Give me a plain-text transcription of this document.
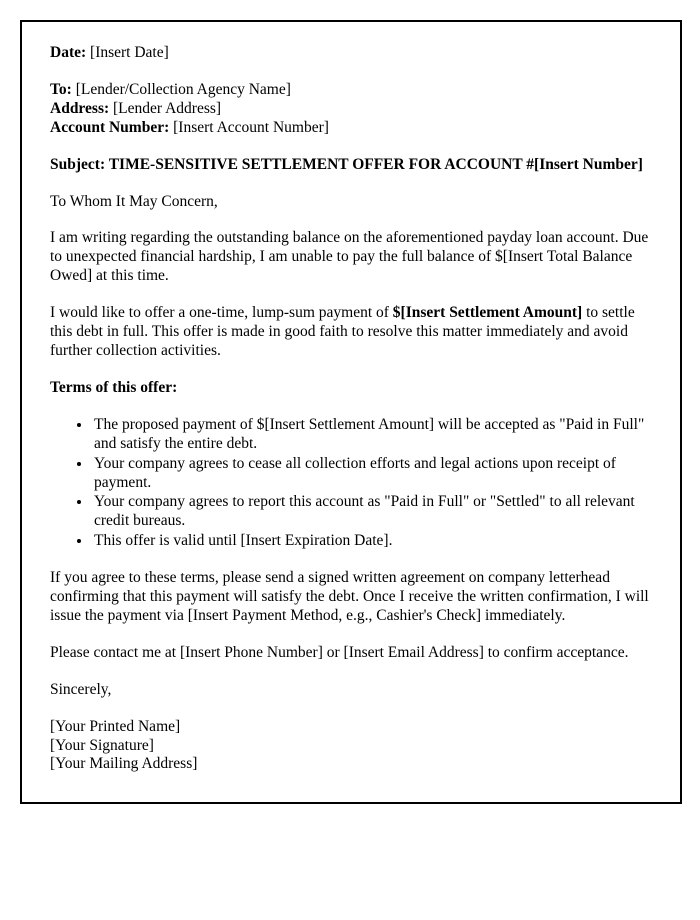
Date: [Insert Date]

To: [Lender/Collection Agency Name]

Address: [Lender Address]

Account Number: [Insert Account Number]

Subject: TIME-SENSITIVE SETTLEMENT OFFER FOR ACCOUNT #[Insert Number]

To Whom It May Concern,

I am writing regarding the outstanding balance on the aforementioned payday loan account. Due to unexpected financial hardship, I am unable to pay the full balance of $[Insert Total Balance Owed] at this time.

I would like to offer a one-time, lump-sum payment of $[Insert Settlement Amount] to settle this debt in full. This offer is made in good faith to resolve this matter immediately and avoid further collection activities.

Terms of this offer:

• The proposed payment of $[Insert Settlement Amount] will be accepted as "Paid in Full" and satisfy the entire debt.
• Your company agrees to cease all collection efforts and legal actions upon receipt of payment.
• Your company agrees to report this account as "Paid in Full" or "Settled" to all relevant credit bureaus.
• This offer is valid until [Insert Expiration Date].

If you agree to these terms, please send a signed written agreement on company letterhead confirming that this payment will satisfy the debt. Once I receive the written confirmation, I will issue the payment via [Insert Payment Method, e.g., Cashier's Check] immediately.

Please contact me at [Insert Phone Number] or [Insert Email Address] to confirm acceptance.

Sincerely,

[Your Printed Name]

[Your Signature]

[Your Mailing Address]
